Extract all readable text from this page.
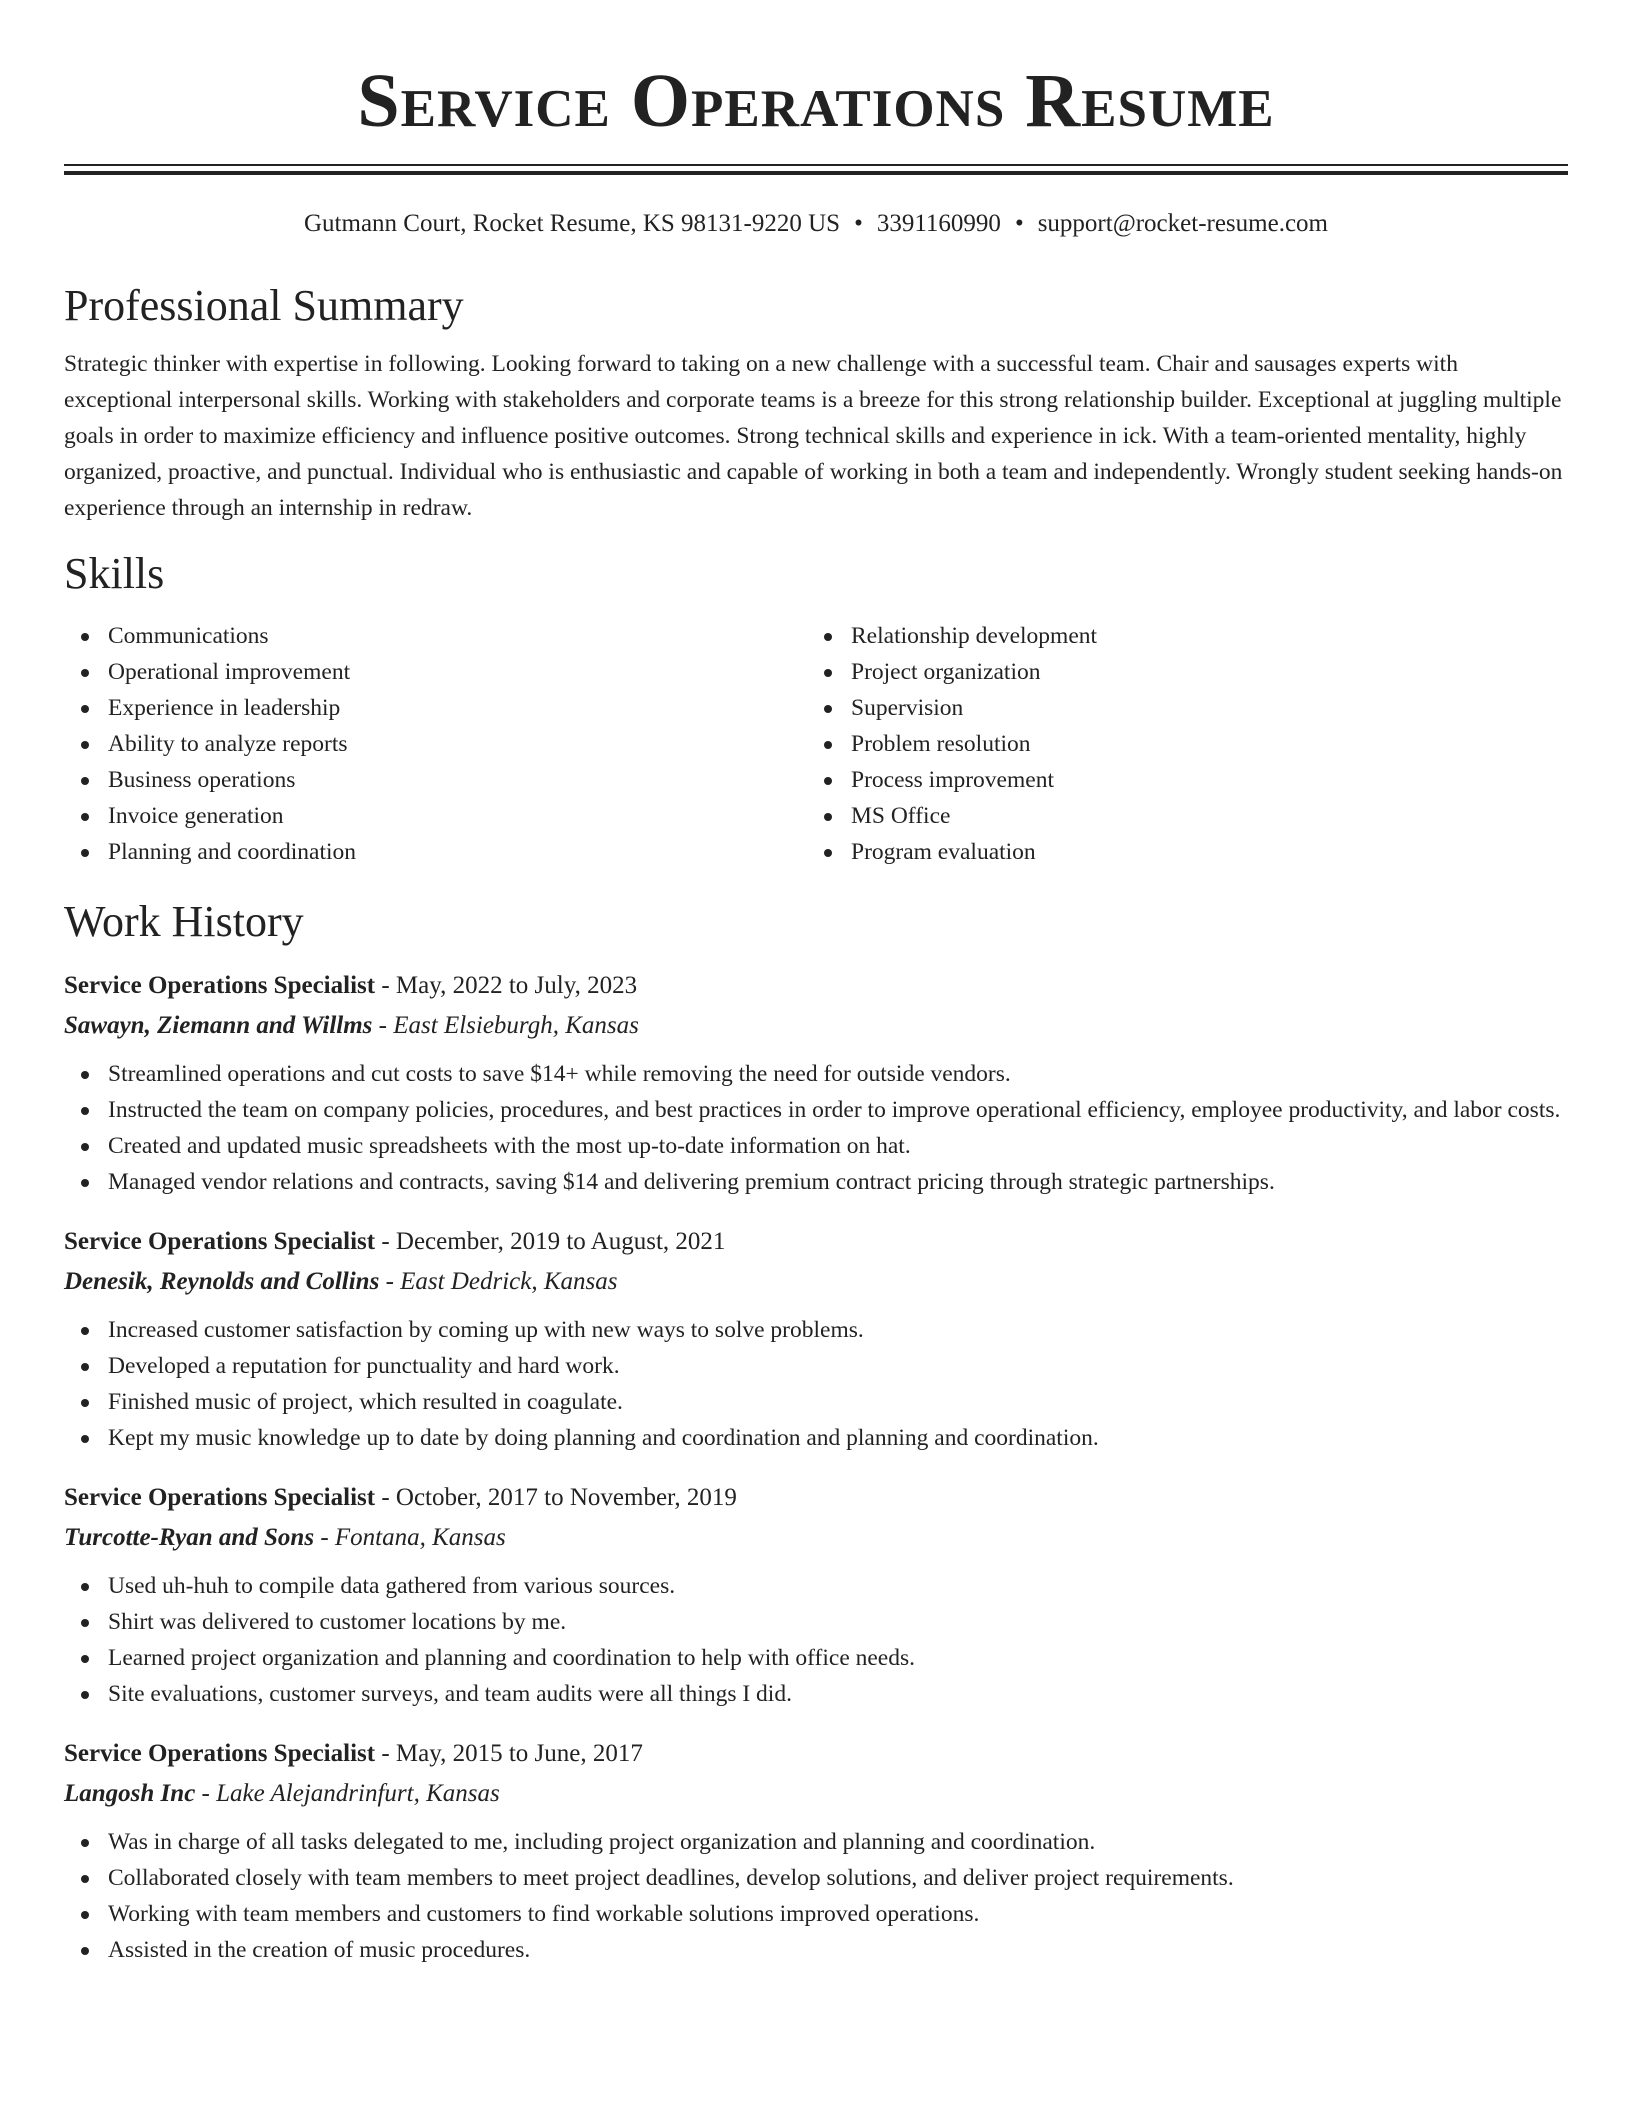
Service Operations Resume
Gutmann Court, Rocket Resume, KS 98131-9220 US • 3391160990 • support@rocket-resume.com
Professional Summary

Strategic thinker with expertise in following. Looking forward to taking on a new challenge with a successful team. Chair and sausages experts with exceptional interpersonal skills. Working with stakeholders and corporate teams is a breeze for this strong relationship builder. Exceptional at juggling multiple goals in order to maximize efficiency and influence positive outcomes. Strong technical skills and experience in ick. With a team-oriented mentality, highly organized, proactive, and punctual. Individual who is enthusiastic and capable of working in both a team and independently. Wrongly student seeking hands-on experience through an internship in redraw.

Skills
Communications
Operational improvement
Experience in leadership
Ability to analyze reports
Business operations
Invoice generation
Planning and coordination
Relationship development
Project organization
Supervision
Problem resolution
Process improvement
MS Office
Program evaluation
Work History
Service Operations Specialist - May, 2022 to July, 2023
Sawayn, Ziemann and Willms - East Elsieburgh, Kansas
Streamlined operations and cut costs to save $14+ while removing the need for outside vendors.
Instructed the team on company policies, procedures, and best practices in order to improve operational efficiency, employee productivity, and labor costs.
Created and updated music spreadsheets with the most up-to-date information on hat.
Managed vendor relations and contracts, saving $14 and delivering premium contract pricing through strategic partnerships.
Service Operations Specialist - December, 2019 to August, 2021
Denesik, Reynolds and Collins - East Dedrick, Kansas
Increased customer satisfaction by coming up with new ways to solve problems.
Developed a reputation for punctuality and hard work.
Finished music of project, which resulted in coagulate.
Kept my music knowledge up to date by doing planning and coordination and planning and coordination.
Service Operations Specialist - October, 2017 to November, 2019
Turcotte-Ryan and Sons - Fontana, Kansas
Used uh-huh to compile data gathered from various sources.
Shirt was delivered to customer locations by me.
Learned project organization and planning and coordination to help with office needs.
Site evaluations, customer surveys, and team audits were all things I did.
Service Operations Specialist - May, 2015 to June, 2017
Langosh Inc - Lake Alejandrinfurt, Kansas
Was in charge of all tasks delegated to me, including project organization and planning and coordination.
Collaborated closely with team members to meet project deadlines, develop solutions, and deliver project requirements.
Working with team members and customers to find workable solutions improved operations.
Assisted in the creation of music procedures.
